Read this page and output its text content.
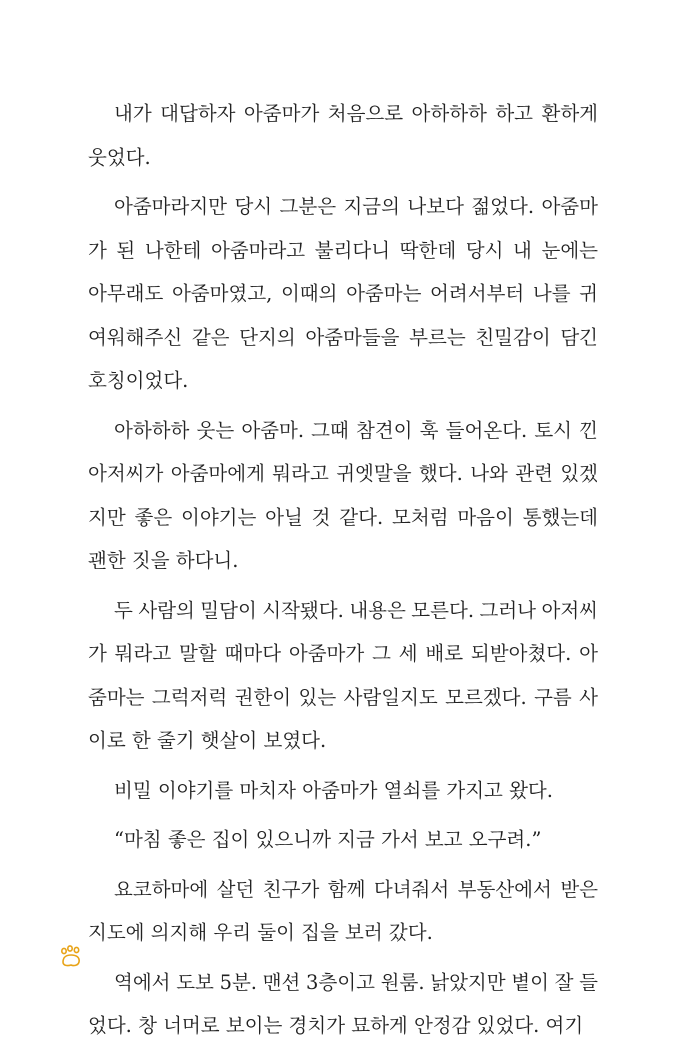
내가 대답하자 아줌마가 처음으로 아하하하 하고 환하게
웃었다.
아줌마라지만 당시 그분은 지금의 나보다 젊었다. 아줌마
가 된 나한테 아줌마라고 불리다니 딱한데 당시 내 눈에는
아무래도 아줌마였고, 이때의 아줌마는 어려서부터 나를 귀
여워해주신 같은 단지의 아줌마들을 부르는 친밀감이 담긴
호칭이었다.
아하하하 웃는 아줌마. 그때 참견이 훅 들어온다. 토시 낀
아저씨가 아줌마에게 뭐라고 귀엣말을 했다. 나와 관련 있겠
지만 좋은 이야기는 아닐 것 같다. 모처럼 마음이 통했는데
괜한 짓을 하다니.
두 사람의 밀담이 시작됐다. 내용은 모른다. 그러나 아저씨
가 뭐라고 말할 때마다 아줌마가 그 세 배로 되받아쳤다. 아
줌마는 그럭저럭 권한이 있는 사람일지도 모르겠다. 구름 사
이로 한 줄기 햇살이 보였다.
비밀 이야기를 마치자 아줌마가 열쇠를 가지고 왔다.
“마침 좋은 집이 있으니까 지금 가서 보고 오구려.”
요코하마에 살던 친구가 함께 다녀줘서 부동산에서 받은
지도에 의지해 우리 둘이 집을 보러 갔다.
역에서 도보 5분. 맨션 3층이고 원룸. 낡았지만 볕이 잘 들
었다. 창 너머로 보이는 경치가 묘하게 안정감 있었다. 여기
